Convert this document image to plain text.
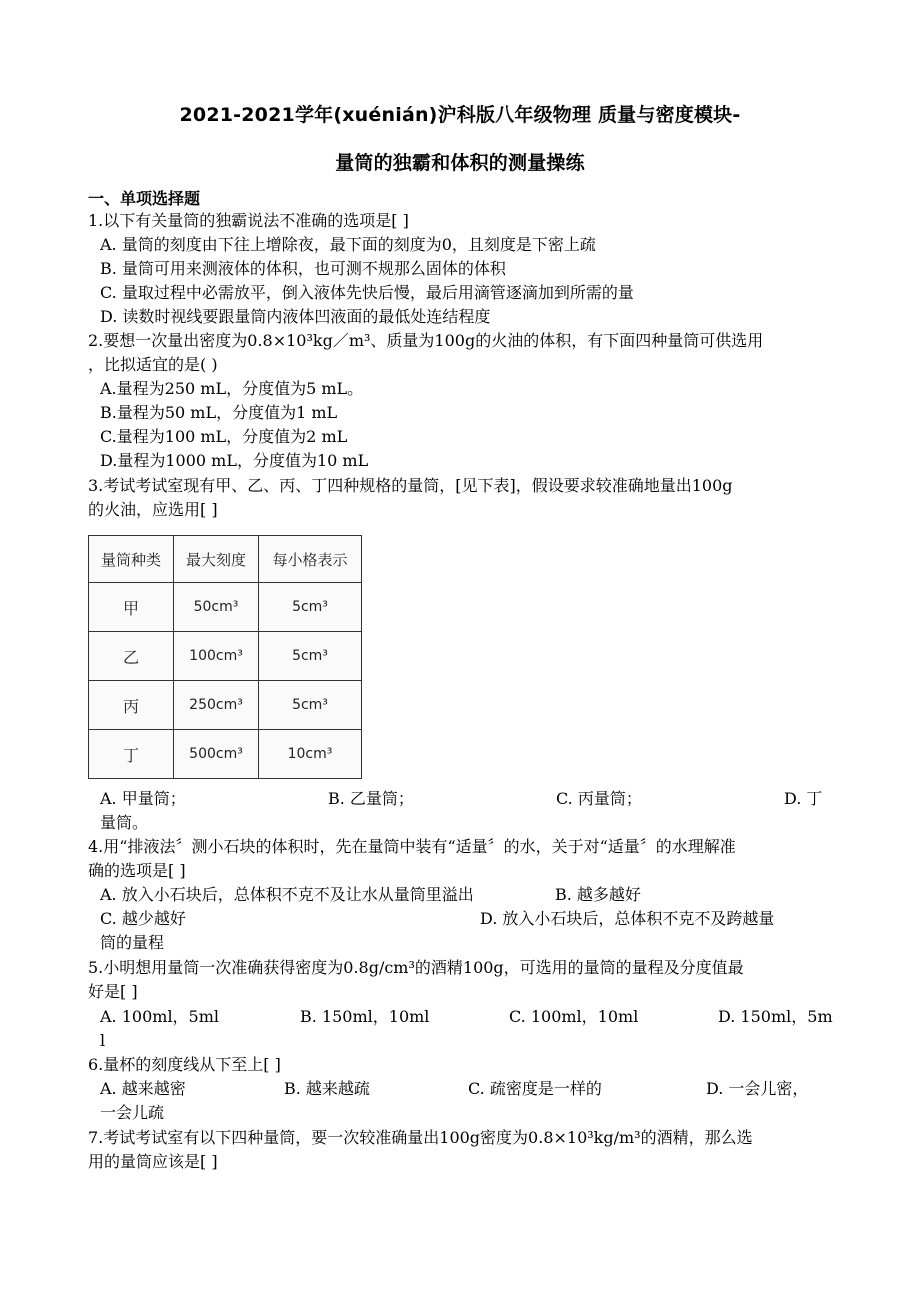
2021-2021学年(xuénián)沪科版八年级物理 质量与密度模块-
量筒的独霸和体积的测量操练
一、单项选择题
1.以下有关量筒的独霸说法不准确的选项是[ ]
A. 量筒的刻度由下往上增除夜，最下面的刻度为0，且刻度是下密上疏
B. 量筒可用来测液体的体积，也可测不规那么固体的体积
C. 量取过程中必需放平，倒入液体先快后慢，最后用滴管逐滴加到所需的量
D. 读数时视线要跟量筒内液体凹液面的最低处连结程度
2.要想一次量出密度为0.8×10³kg／m³、质量为100g的火油的体积，有下面四种量筒可供选用
，比拟适宜的是( )
A.量程为250 mL，分度值为5 mL。
B.量程为50 mL，分度值为1 mL
C.量程为100 mL，分度值为2 mL
D.量程为1000 mL，分度值为10 mL
3.考试考试室现有甲、乙、丙、丁四种规格的量筒，[见下表]，假设要求较准确地量出100g
的火油，应选用[ ]
量筒种类	最大刻度	每小格表示
甲	50cm³	5cm³
乙	100cm³	5cm³
丙	250cm³	5cm³
丁	500cm³	10cm³
A. 甲量筒；	B. 乙量筒；	C. 丙量筒；	D. 丁
量筒。
4.用“排液法〞测小石块的体积时，先在量筒中装有“适量〞的水，关于对“适量〞的水理解准
确的选项是[ ]
A. 放入小石块后，总体积不克不及让水从量筒里溢出	B. 越多越好
C. 越少越好	D. 放入小石块后，总体积不克不及跨越量
筒的量程
5.小明想用量筒一次准确获得密度为0.8g/cm³的酒精100g，可选用的量筒的量程及分度值最
好是[ ]
A. 100ml，5ml	B. 150ml，10ml	C. 100ml，10ml	D. 150ml，5m
l
6.量杯的刻度线从下至上[ ]
A. 越来越密	B. 越来越疏	C. 疏密度是一样的	D. 一会儿密，
一会儿疏
7.考试考试室有以下四种量筒，要一次较准确量出100g密度为0.8×10³kg/m³的酒精，那么选
用的量筒应该是[ ]
